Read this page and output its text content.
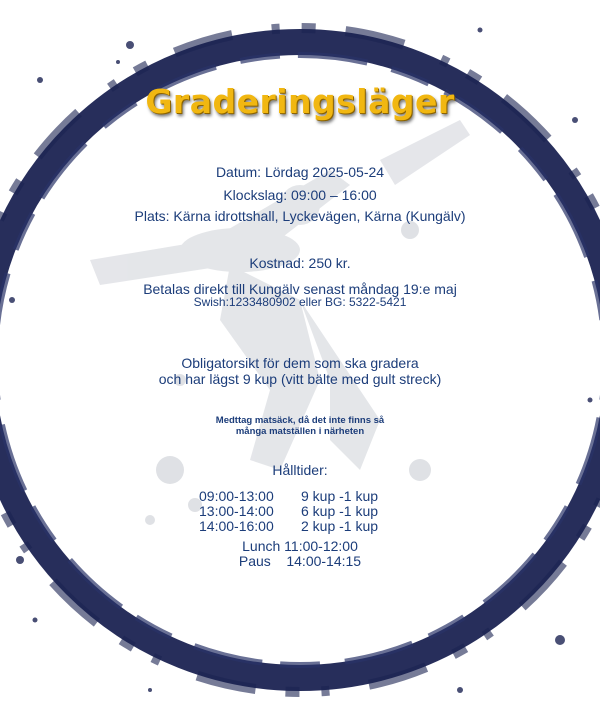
Graderingsläger
Datum: Lördag 2025-05-24
Klockslag: 09:00 – 16:00
Plats: Kärna idrottshall, Lyckevägen, Kärna (Kungälv)
Kostnad: 250 kr.
Betalas direkt till Kungälv senast måndag 19:e maj
Swish:1233480902 eller BG: 5322-5421
Obligatorsikt för dem som ska gradera
och har lägst 9 kup (vitt bälte med gult streck)
Medttag matsäck, då det inte finns så
många matställen i närheten
Hålltider:
09:00-13:00	9 kup -1 kup
13:00-14:00	6 kup -1 kup
14:00-16:00	2 kup -1 kup
Lunch 11:00-12:00
Paus    14:00-14:15
